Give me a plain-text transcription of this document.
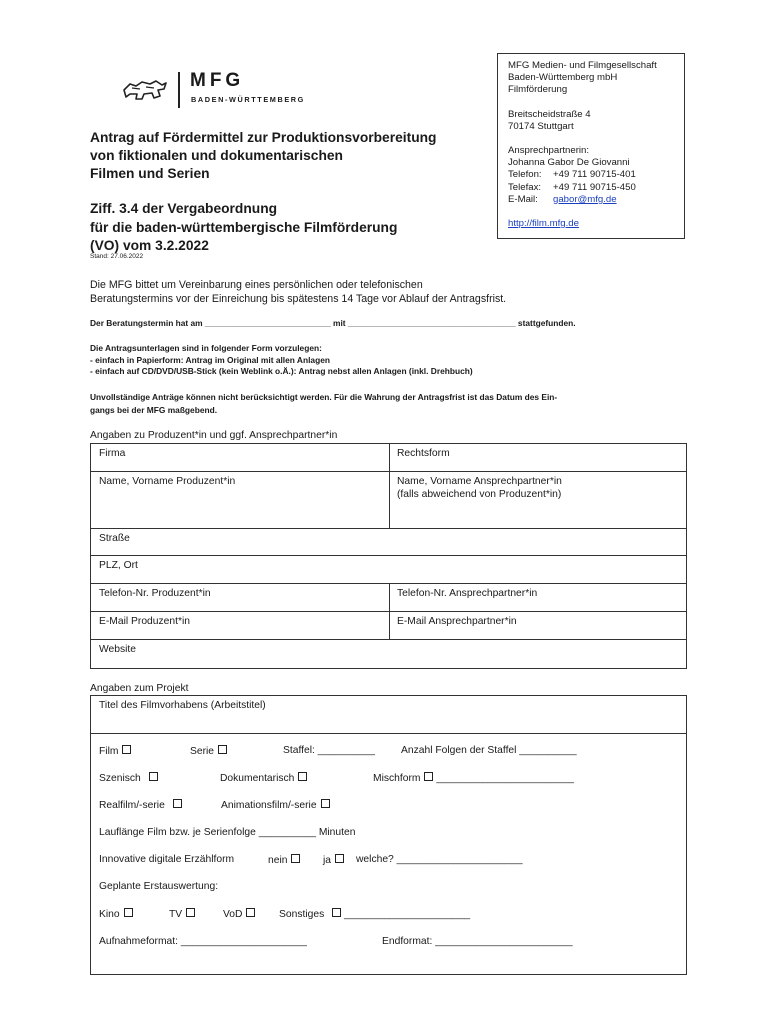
MFG
BADEN-WÜRTTEMBERG
MFG Medien- und Filmgesellschaft
Baden-Württemberg mbH
Filmförderung
Breitscheidstraße 4
70174 Stuttgart
Ansprechpartnerin:
Johanna Gabor De Giovanni
Telefon: +49 711 90715-401
Telefax: +49 711 90715-450
E-Mail: gabor@mfg.de
http://film.mfg.de
Antrag auf Fördermittel zur Produktionsvorbereitung
von fiktionalen und dokumentarischen
Filmen und Serien
Ziff. 3.4 der Vergabeordnung
für die baden-württembergische Filmförderung
(VO) vom 3.2.2022
Stand: 27.06.2022
Die MFG bittet um Vereinbarung eines persönlichen oder telefonischen
Beratungstermins vor der Einreichung bis spätestens 14 Tage vor Ablauf der Antragsfrist.
Der Beratungstermin hat am ___________________________ mit ____________________________________ stattgefunden.
Die Antragsunterlagen sind in folgender Form vorzulegen:
- einfach in Papierform: Antrag im Original mit allen Anlagen
- einfach auf CD/DVD/USB-Stick (kein Weblink o.Ä.): Antrag nebst allen Anlagen (inkl. Drehbuch)
Unvollständige Anträge können nicht berücksichtigt werden. Für die Wahrung der Antragsfrist ist das Datum des Ein-
gangs bei der MFG maßgebend.
Angaben zu Produzent*in und ggf. Ansprechpartner*in
Firma	Rechtsform
Name, Vorname Produzent*in	Name, Vorname Ansprechpartner*in
(falls abweichend von Produzent*in)
Straße
PLZ, Ort
Telefon-Nr. Produzent*in	Telefon-Nr. Ansprechpartner*in
E-Mail Produzent*in	E-Mail Ansprechpartner*in
Website
Angaben zum Projekt
Titel des Filmvorhabens (Arbeitstitel)
Film	Serie	Staffel: __________	Anzahl Folgen der Staffel __________
Szenisch	Dokumentarisch	Mischform ________________________
Realfilm/-serie	Animationsfilm/-serie
Lauflänge Film bzw. je Serienfolge __________ Minuten
Innovative digitale Erzählform	nein	ja	welche? ______________________
Geplante Erstauswertung:
Kino	TV	VoD	Sonstiges ______________________
Aufnahmeformat: ______________________	Endformat: ________________________
